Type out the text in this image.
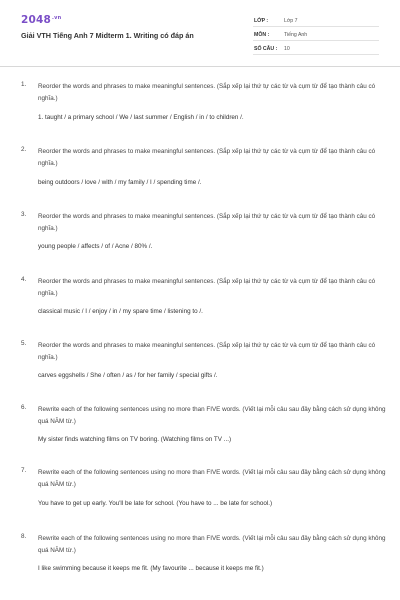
$2048^{.vn}$
Giải VTH Tiếng Anh 7 Midterm 1. Writing có đáp án
LỚP :	Lớp 7
MÔN :	Tiếng Anh
SỐ CÂU : 10
1. Reorder the words and phrases to make meaningful sentences. (Sắp xếp lại thứ tự các từ và cụm từ để tạo thành câu có nghĩa.)
1. taught / a primary school / We / last summer / English / in / to children /.
2. Reorder the words and phrases to make meaningful sentences. (Sắp xếp lại thứ tự các từ và cụm từ để tạo thành câu có nghĩa.)
being outdoors / love / with / my family / I / spending time /.
3. Reorder the words and phrases to make meaningful sentences. (Sắp xếp lại thứ tự các từ và cụm từ để tạo thành câu có nghĩa.)
young people / affects / of / Acne / 80% /.
4. Reorder the words and phrases to make meaningful sentences. (Sắp xếp lại thứ tự các từ và cụm từ để tạo thành câu có nghĩa.)
classical music / I / enjoy / in / my spare time / listening to /.
5. Reorder the words and phrases to make meaningful sentences. (Sắp xếp lại thứ tự các từ và cụm từ để tạo thành câu có nghĩa.)
carves eggshells / She / often / as / for her family / special gifts /.
6. Rewrite each of the following sentences using no more than FIVE words. (Viết lại mỗi câu sau đây bằng cách sử dụng không quá NĂM từ.)
My sister finds watching films on TV boring. (Watching films on TV ...)
7. Rewrite each of the following sentences using no more than FIVE words. (Viết lại mỗi câu sau đây bằng cách sử dụng không quá NĂM từ.)
You have to get up early. You'll be late for school. (You have to ... be late for school.)
8. Rewrite each of the following sentences using no more than FIVE words. (Viết lại mỗi câu sau đây bằng cách sử dụng không quá NĂM từ.)
I like swimming because it keeps me fit. (My favourite ... because it keeps me fit.)
